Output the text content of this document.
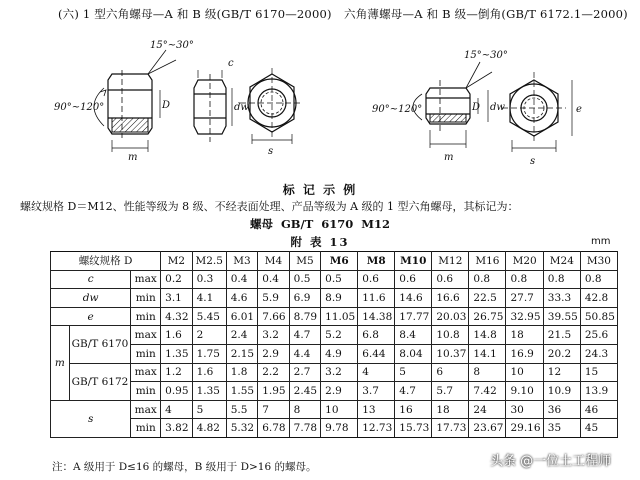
(六) 1 型六角螺母—A 和 B 级(GB/T 6170—2000) 六角薄螺母—A 和 B 级—倒角(GB/T 6172.1—2000)
15°~30°
90°~120°
m
D
c
dw
s
15°~30°
90°~120°
m
D dw
s
e
标 记 示 例
螺纹规格 D＝M12、性能等级为 8 级、不经表面处理、产品等级为 A 级的 1 型六角螺母，其标记为：
螺母 GB/T 6170 M12
附 表 13	mm
螺纹规格 D			M2	M2.5	M3	M4	M5	M6	M8	M10	M12	M16	M20	M24	M30
c		max	0.2	0.3	0.4	0.4	0.5	0.5	0.6	0.6	0.6	0.8	0.8	0.8	0.8
dw		min	3.1	4.1	4.6	5.9	6.9	8.9	11.6	14.6	16.6	22.5	27.7	33.3	42.8
e		min	4.32	5.45	6.01	7.66	8.79	11.05	14.38	17.77	20.03	26.75	32.95	39.55	50.85
m	GB/T 6170	max	1.6	2	2.4	3.2	4.7	5.2	6.8	8.4	10.8	14.8	18	21.5	25.6
		min	1.35	1.75	2.15	2.9	4.4	4.9	6.44	8.04	10.37	14.1	16.9	20.2	24.3
	GB/T 6172	max	1.2	1.6	1.8	2.2	2.7	3.2	4	5	6	8	10	12	15
		min	0.95	1.35	1.55	1.95	2.45	2.9	3.7	4.7	5.7	7.42	9.10	10.9	13.9
s		max	4	5	5.5	7	8	10	13	16	18	24	30	36	46
		min	3.82	4.82	5.32	6.78	7.78	9.78	12.73	15.73	17.73	23.67	29.16	35	45
注：A 级用于 D≤16 的螺母，B 级用于 D>16 的螺母。	头条 @一位土工程师
